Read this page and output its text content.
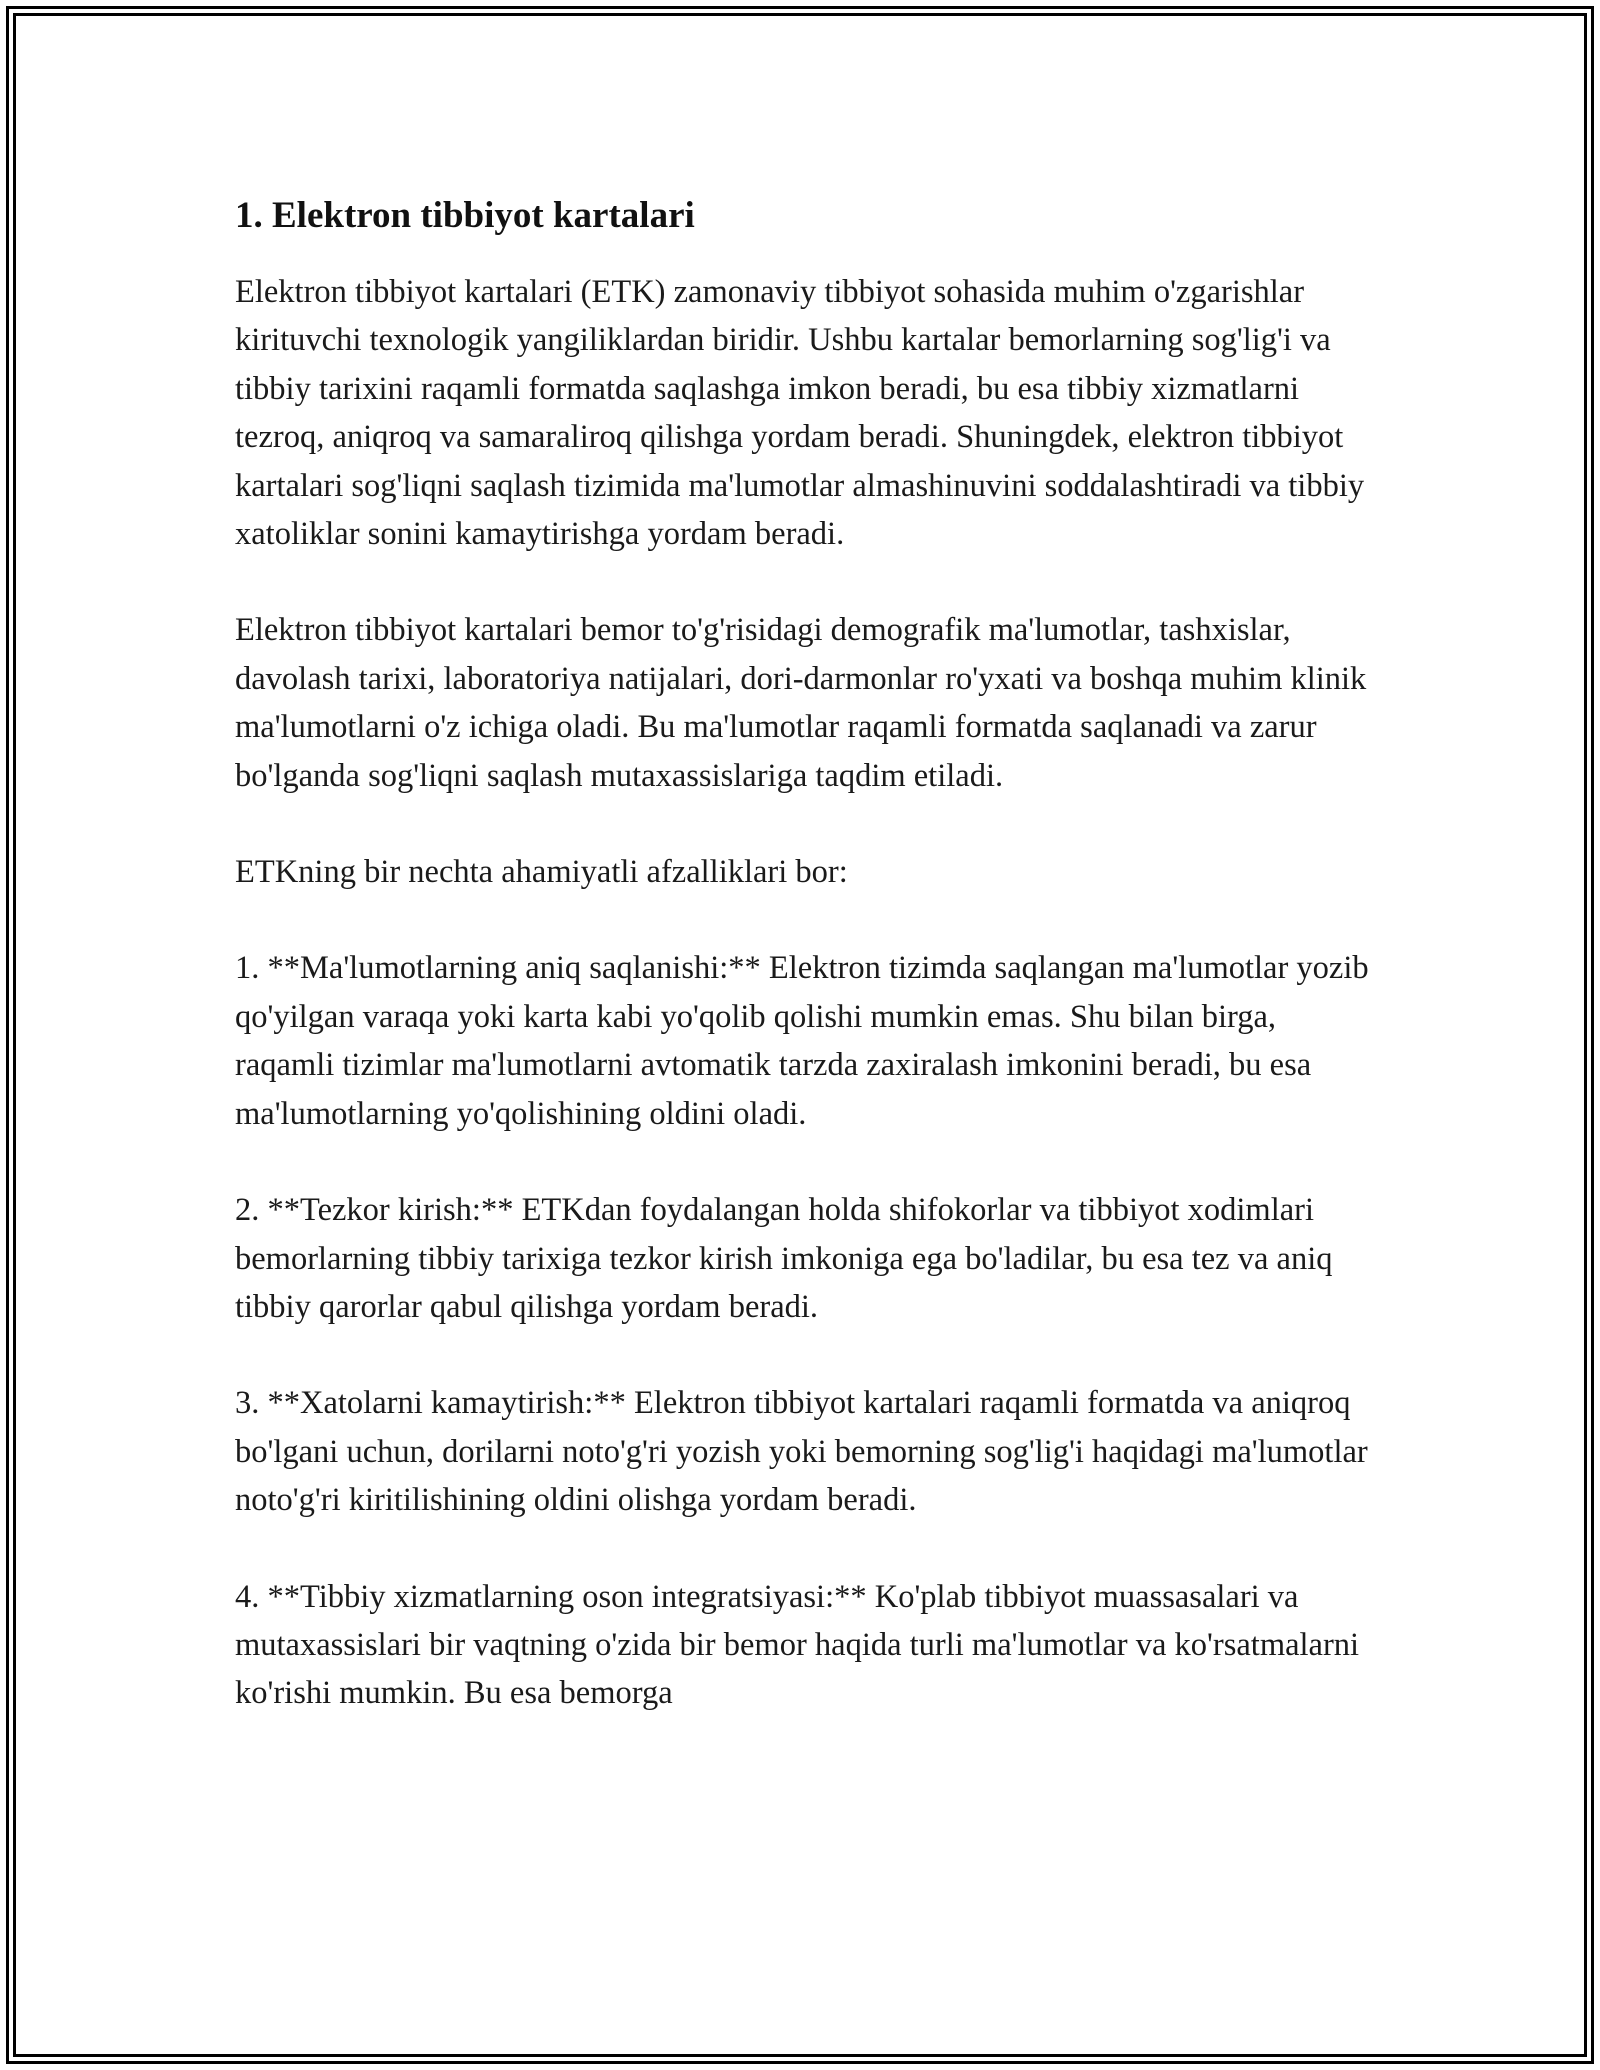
1. Elektron tibbiyot kartalari

Elektron tibbiyot kartalari (ETK) zamonaviy tibbiyot sohasida muhim o'zgarishlar kirituvchi texnologik yangiliklardan biridir. Ushbu kartalar bemorlarning sog'lig'i va tibbiy tarixini raqamli formatda saqlashga imkon beradi, bu esa tibbiy xizmatlarni tezroq, aniqroq va samaraliroq qilishga yordam beradi. Shuningdek, elektron tibbiyot kartalari sog'liqni saqlash tizimida ma'lumotlar almashinuvini soddalashtiradi va tibbiy xatoliklar sonini kamaytirishga yordam beradi.

Elektron tibbiyot kartalari bemor to'g'risidagi demografik ma'lumotlar, tashxislar, davolash tarixi, laboratoriya natijalari, dori-darmonlar ro'yxati va boshqa muhim klinik ma'lumotlarni o'z ichiga oladi. Bu ma'lumotlar raqamli formatda saqlanadi va zarur bo'lganda sog'liqni saqlash mutaxassislariga taqdim etiladi.

ETKning bir nechta ahamiyatli afzalliklari bor:

1. **Ma'lumotlarning aniq saqlanishi:** Elektron tizimda saqlangan ma'lumotlar yozib qo'yilgan varaqa yoki karta kabi yo'qolib qolishi mumkin emas. Shu bilan birga, raqamli tizimlar ma'lumotlarni avtomatik tarzda zaxiralash imkonini beradi, bu esa ma'lumotlarning yo'qolishining oldini oladi.

2. **Tezkor kirish:** ETKdan foydalangan holda shifokorlar va tibbiyot xodimlari bemorlarning tibbiy tarixiga tezkor kirish imkoniga ega bo'ladilar, bu esa tez va aniq tibbiy qarorlar qabul qilishga yordam beradi.

3. **Xatolarni kamaytirish:** Elektron tibbiyot kartalari raqamli formatda va aniqroq bo'lgani uchun, dorilarni noto'g'ri yozish yoki bemorning sog'lig'i haqidagi ma'lumotlar noto'g'ri kiritilishining oldini olishga yordam beradi.

4. **Tibbiy xizmatlarning oson integratsiyasi:** Ko'plab tibbiyot muassasalari va mutaxassislari bir vaqtning o'zida bir bemor haqida turli ma'lumotlar va ko'rsatmalarni ko'rishi mumkin. Bu esa bemorga
